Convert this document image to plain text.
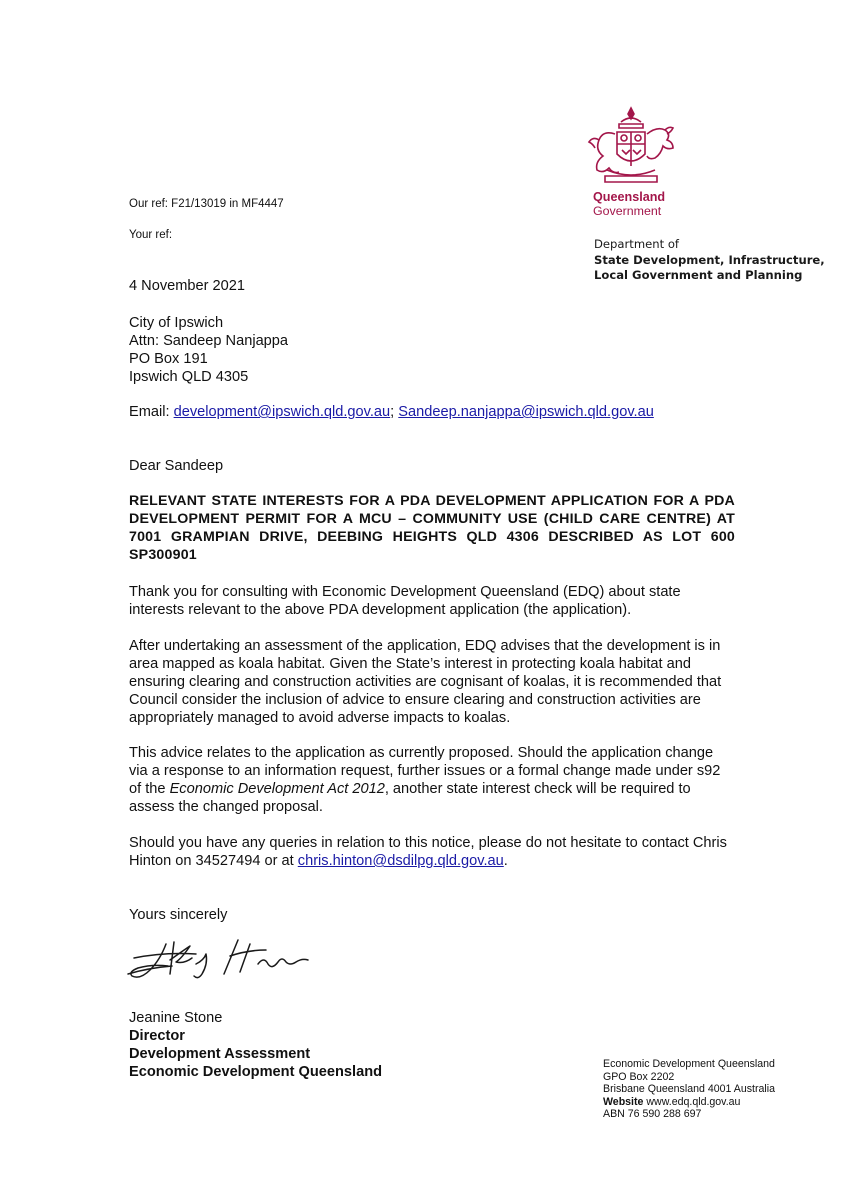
Our ref: F21/13019 in MF4447
Your ref:
Queensland
Government
Department of
State Development, Infrastructure,
Local Government and Planning
4 November 2021
City of Ipswich
Attn: Sandeep Nanjappa
PO Box 191
Ipswich QLD 4305
Email: development@ipswich.qld.gov.au; Sandeep.nanjappa@ipswich.qld.gov.au
Dear Sandeep
RELEVANT STATE INTERESTS FOR A PDA DEVELOPMENT APPLICATION FOR A PDA DEVELOPMENT PERMIT FOR A MCU – COMMUNITY USE (CHILD CARE CENTRE) AT 7001 GRAMPIAN DRIVE, DEEBING HEIGHTS QLD 4306 DESCRIBED AS LOT 600 SP300901
Thank you for consulting with Economic Development Queensland (EDQ) about state interests relevant to the above PDA development application (the application).
After undertaking an assessment of the application, EDQ advises that the development is in area mapped as koala habitat. Given the State’s interest in protecting koala habitat and ensuring clearing and construction activities are cognisant of koalas, it is recommended that Council consider the inclusion of advice to ensure clearing and construction activities are appropriately managed to avoid adverse impacts to koalas.
This advice relates to the application as currently proposed. Should the application change via a response to an information request, further issues or a formal change made under s92 of the Economic Development Act 2012, another state interest check will be required to assess the changed proposal.
Should you have any queries in relation to this notice, please do not hesitate to contact Chris Hinton on 34527494 or at chris.hinton@dsdilpg.qld.gov.au.
Yours sincerely
Jeanine Stone
Director
Development Assessment
Economic Development Queensland	Economic Development Queensland
GPO Box 2202
Brisbane Queensland 4001 Australia
Website www.edq.qld.gov.au
ABN 76 590 288 697
